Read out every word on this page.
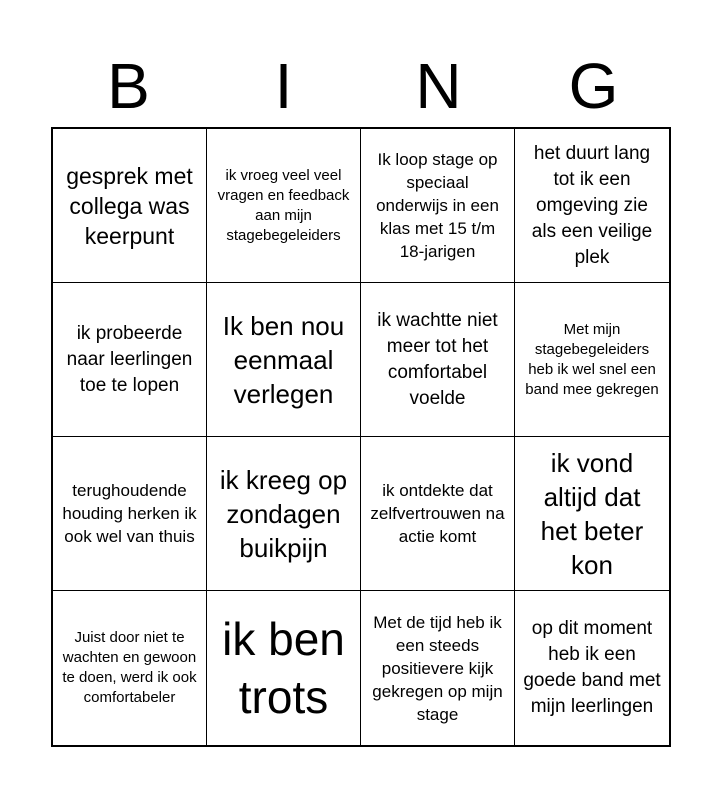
B	I	N	G
gesprek met collega was keerpunt
ik vroeg veel veel vragen en feedback aan mijn stagebegeleiders
Ik loop stage op speciaal onderwijs in een klas met 15 t/m 18-jarigen
het duurt lang tot ik een omgeving zie als een veilige plek
ik probeerde naar leerlingen toe te lopen
Ik ben nou eenmaal verlegen
ik wachtte niet meer tot het comfortabel voelde
Met mijn stagebegeleiders heb ik wel snel een band mee gekregen
terughoudende houding herken ik ook wel van thuis
ik kreeg op zondagen buikpijn
ik ontdekte dat zelfvertrouwen na actie komt
ik vond altijd dat het beter kon
Juist door niet te wachten en gewoon te doen, werd ik ook comfortabeler
ik ben trots
Met de tijd heb ik een steeds positievere kijk gekregen op mijn stage
op dit moment heb ik een goede band met mijn leerlingen
